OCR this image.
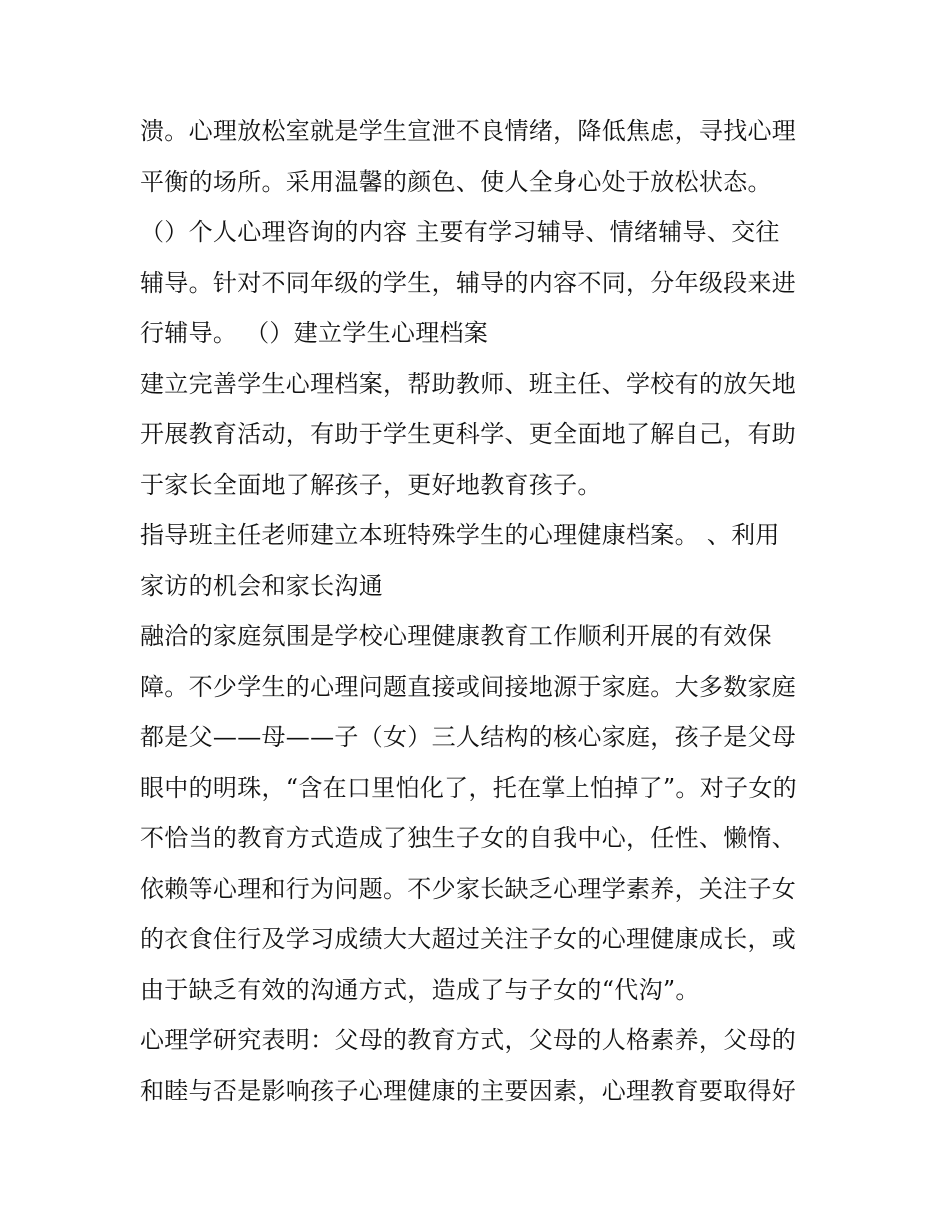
溃。心理放松室就是学生宣泄不良情绪，降低焦虑，寻找心理
平衡的场所。采用温馨的颜色、使人全身心处于放松状态。
（）个人心理咨询的内容 主要有学习辅导、情绪辅导、交往
辅导。针对不同年级的学生，辅导的内容不同，分年级段来进
行辅导。 （）建立学生心理档案
建立完善学生心理档案，帮助教师、班主任、学校有的放矢地
开展教育活动，有助于学生更科学、更全面地了解自己，有助
于家长全面地了解孩子，更好地教育孩子。
指导班主任老师建立本班特殊学生的心理健康档案。 、利用
家访的机会和家长沟通
融洽的家庭氛围是学校心理健康教育工作顺利开展的有效保
障。不少学生的心理问题直接或间接地源于家庭。大多数家庭
都是父——母——子（女）三人结构的核心家庭，孩子是父母
眼中的明珠，“含在口里怕化了，托在掌上怕掉了”。对子女的
不恰当的教育方式造成了独生子女的自我中心，任性、懒惰、
依赖等心理和行为问题。不少家长缺乏心理学素养，关注子女
的衣食住行及学习成绩大大超过关注子女的心理健康成长，或
由于缺乏有效的沟通方式，造成了与子女的“代沟”。
心理学研究表明：父母的教育方式，父母的人格素养，父母的
和睦与否是影响孩子心理健康的主要因素，心理教育要取得好
